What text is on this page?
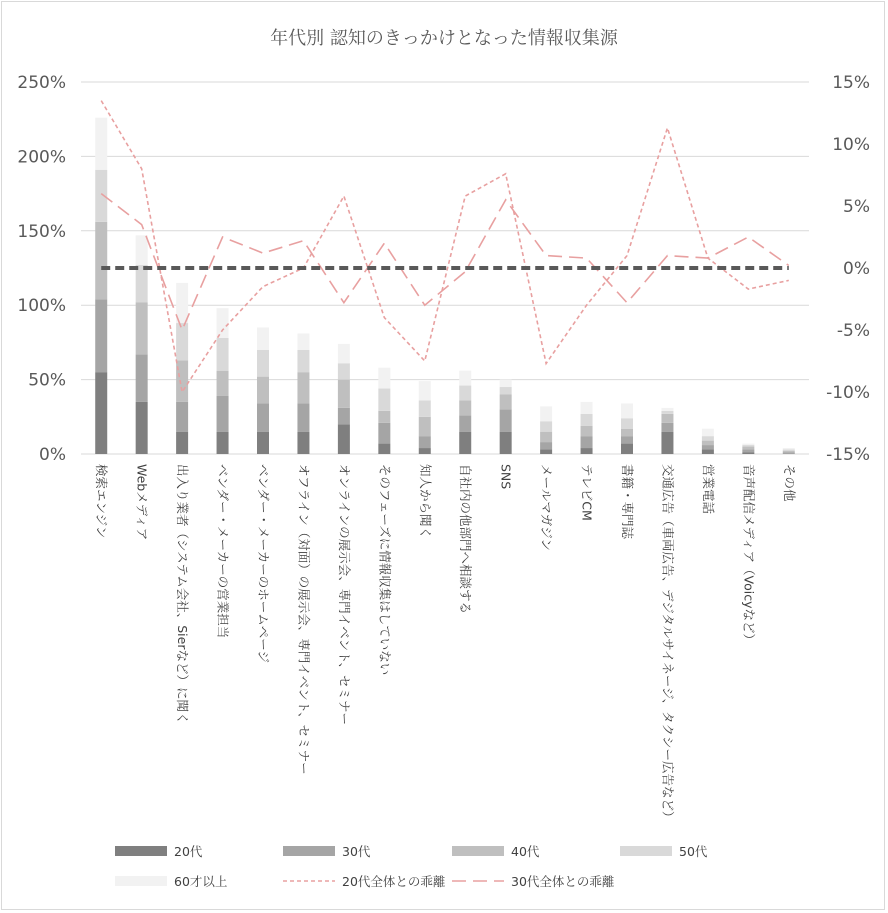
年代別 認知のきっかけとなった情報収集源
0%
50%
100%
150%
200%
250%
-15%
-10%
-5%
0%
5%
10%
15%
検索エンジン Webメディア 出入り業者（システム会社、Sierなど）に聞く ベンダー・メーカーの営業担当 ベンダー・メーカーのホームページ オフライン（対面）の展示会、専門イベント、セミナー オンラインの展示会、専門イベント、セミナー そのフェーズに情報収集はしていない 知人から聞く 自社内の他部門へ相談する SNS メールマガジン テレビCM 書籍・専門誌 交通広告（車両広告、デジタルサイネージ、タクシー広告など） 営業電話 音声配信メディア（Voicyなど） その他
20代	30代	40代	50代
60才以上	20代全体との乖離	30代全体との乖離
